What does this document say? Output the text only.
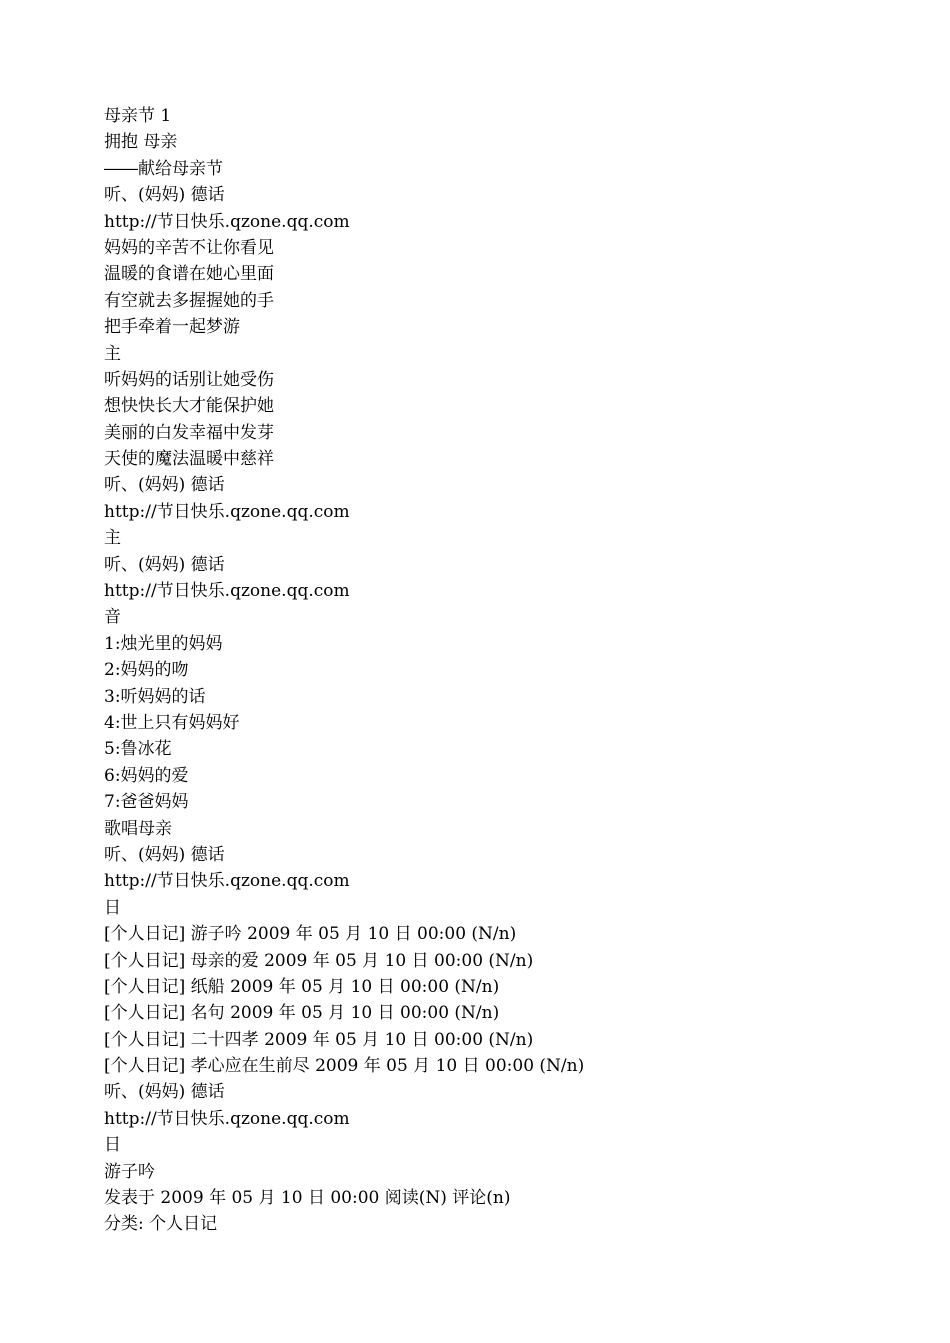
母亲节 1
拥抱 母亲
――献给母亲节
听、(妈妈) 德话
http://节日快乐.qzone.qq.com
妈妈的辛苦不让你看见
温暖的食谱在她心里面
有空就去多握握她的手
把手牵着一起梦游
主
听妈妈的话别让她受伤
想快快长大才能保护她
美丽的白发幸福中发芽
天使的魔法温暖中慈祥
听、(妈妈) 德话
http://节日快乐.qzone.qq.com
主
听、(妈妈) 德话
http://节日快乐.qzone.qq.com
音
1:烛光里的妈妈
2:妈妈的吻
3:听妈妈的话
4:世上只有妈妈好
5:鲁冰花
6:妈妈的爱
7:爸爸妈妈
歌唱母亲
听、(妈妈) 德话
http://节日快乐.qzone.qq.com
日
[个人日记] 游子吟 2009 年 05 月 10 日 00:00 (N/n)
[个人日记] 母亲的爱 2009 年 05 月 10 日 00:00 (N/n)
[个人日记] 纸船 2009 年 05 月 10 日 00:00 (N/n)
[个人日记] 名句 2009 年 05 月 10 日 00:00 (N/n)
[个人日记] 二十四孝 2009 年 05 月 10 日 00:00 (N/n)
[个人日记] 孝心应在生前尽 2009 年 05 月 10 日 00:00 (N/n)
听、(妈妈) 德话
http://节日快乐.qzone.qq.com
日
游子吟
发表于 2009 年 05 月 10 日 00:00 阅读(N) 评论(n)
分类: 个人日记
